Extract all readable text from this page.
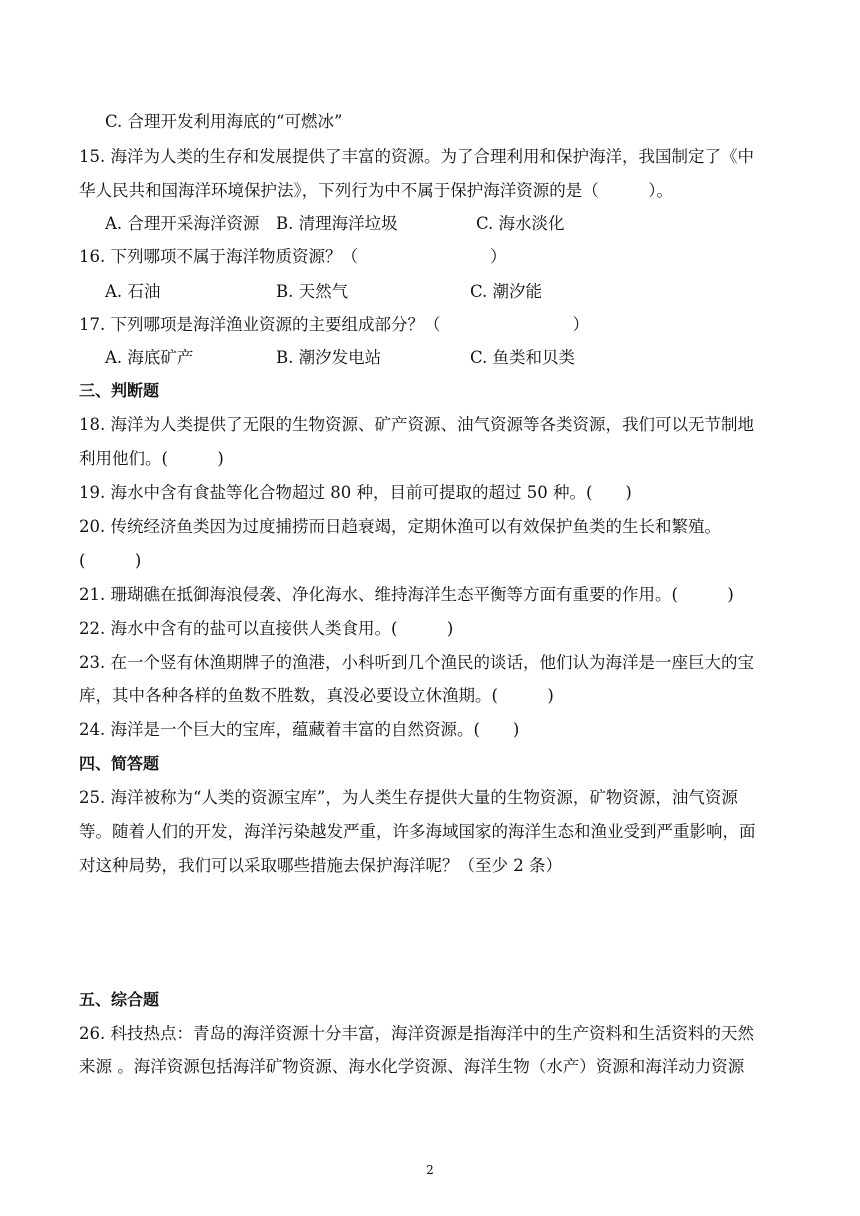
C. 合理开发利用海底的“可燃冰”
15. 海洋为人类的生存和发展提供了丰富的资源。为了合理利用和保护海洋，我国制定了《中
华人民共和国海洋环境保护法》，下列行为中不属于保护海洋资源的是（　　　）。
A. 合理开采海洋资源 B. 清理海洋垃圾	C. 海水淡化
16. 下列哪项不属于海洋物质资源？（　　　　　　　　）
A. 石油	B. 天然气	C. 潮汐能
17. 下列哪项是海洋渔业资源的主要组成部分？（　　　　　　　　）
A. 海底矿产	B. 潮汐发电站	C. 鱼类和贝类
三、判断题
18. 海洋为人类提供了无限的生物资源、矿产资源、油气资源等各类资源，我们可以无节制地
利用他们。(　　　)
19. 海水中含有食盐等化合物超过 80 种，目前可提取的超过 50 种。(　　)
20. 传统经济鱼类因为过度捕捞而日趋衰竭，定期休渔可以有效保护鱼类的生长和繁殖。
(　　　)
21. 珊瑚礁在抵御海浪侵袭、净化海水、维持海洋生态平衡等方面有重要的作用。(　　　)
22. 海水中含有的盐可以直接供人类食用。(　　　)
23. 在一个竖有休渔期牌子的渔港，小科听到几个渔民的谈话，他们认为海洋是一座巨大的宝
库，其中各种各样的鱼数不胜数，真没必要设立休渔期。(　　　)
24. 海洋是一个巨大的宝库，蕴藏着丰富的自然资源。(　　)
四、简答题
25. 海洋被称为“人类的资源宝库”，为人类生存提供大量的生物资源，矿物资源，油气资源
等。随着人们的开发，海洋污染越发严重，许多海域国家的海洋生态和渔业受到严重影响，面
对这种局势，我们可以采取哪些措施去保护海洋呢？（至少 2 条）
五、综合题
26. 科技热点：青岛的海洋资源十分丰富，海洋资源是指海洋中的生产资料和生活资料的天然
来源 。海洋资源包括海洋矿物资源、海水化学资源、海洋生物（水产）资源和海洋动力资源
2
